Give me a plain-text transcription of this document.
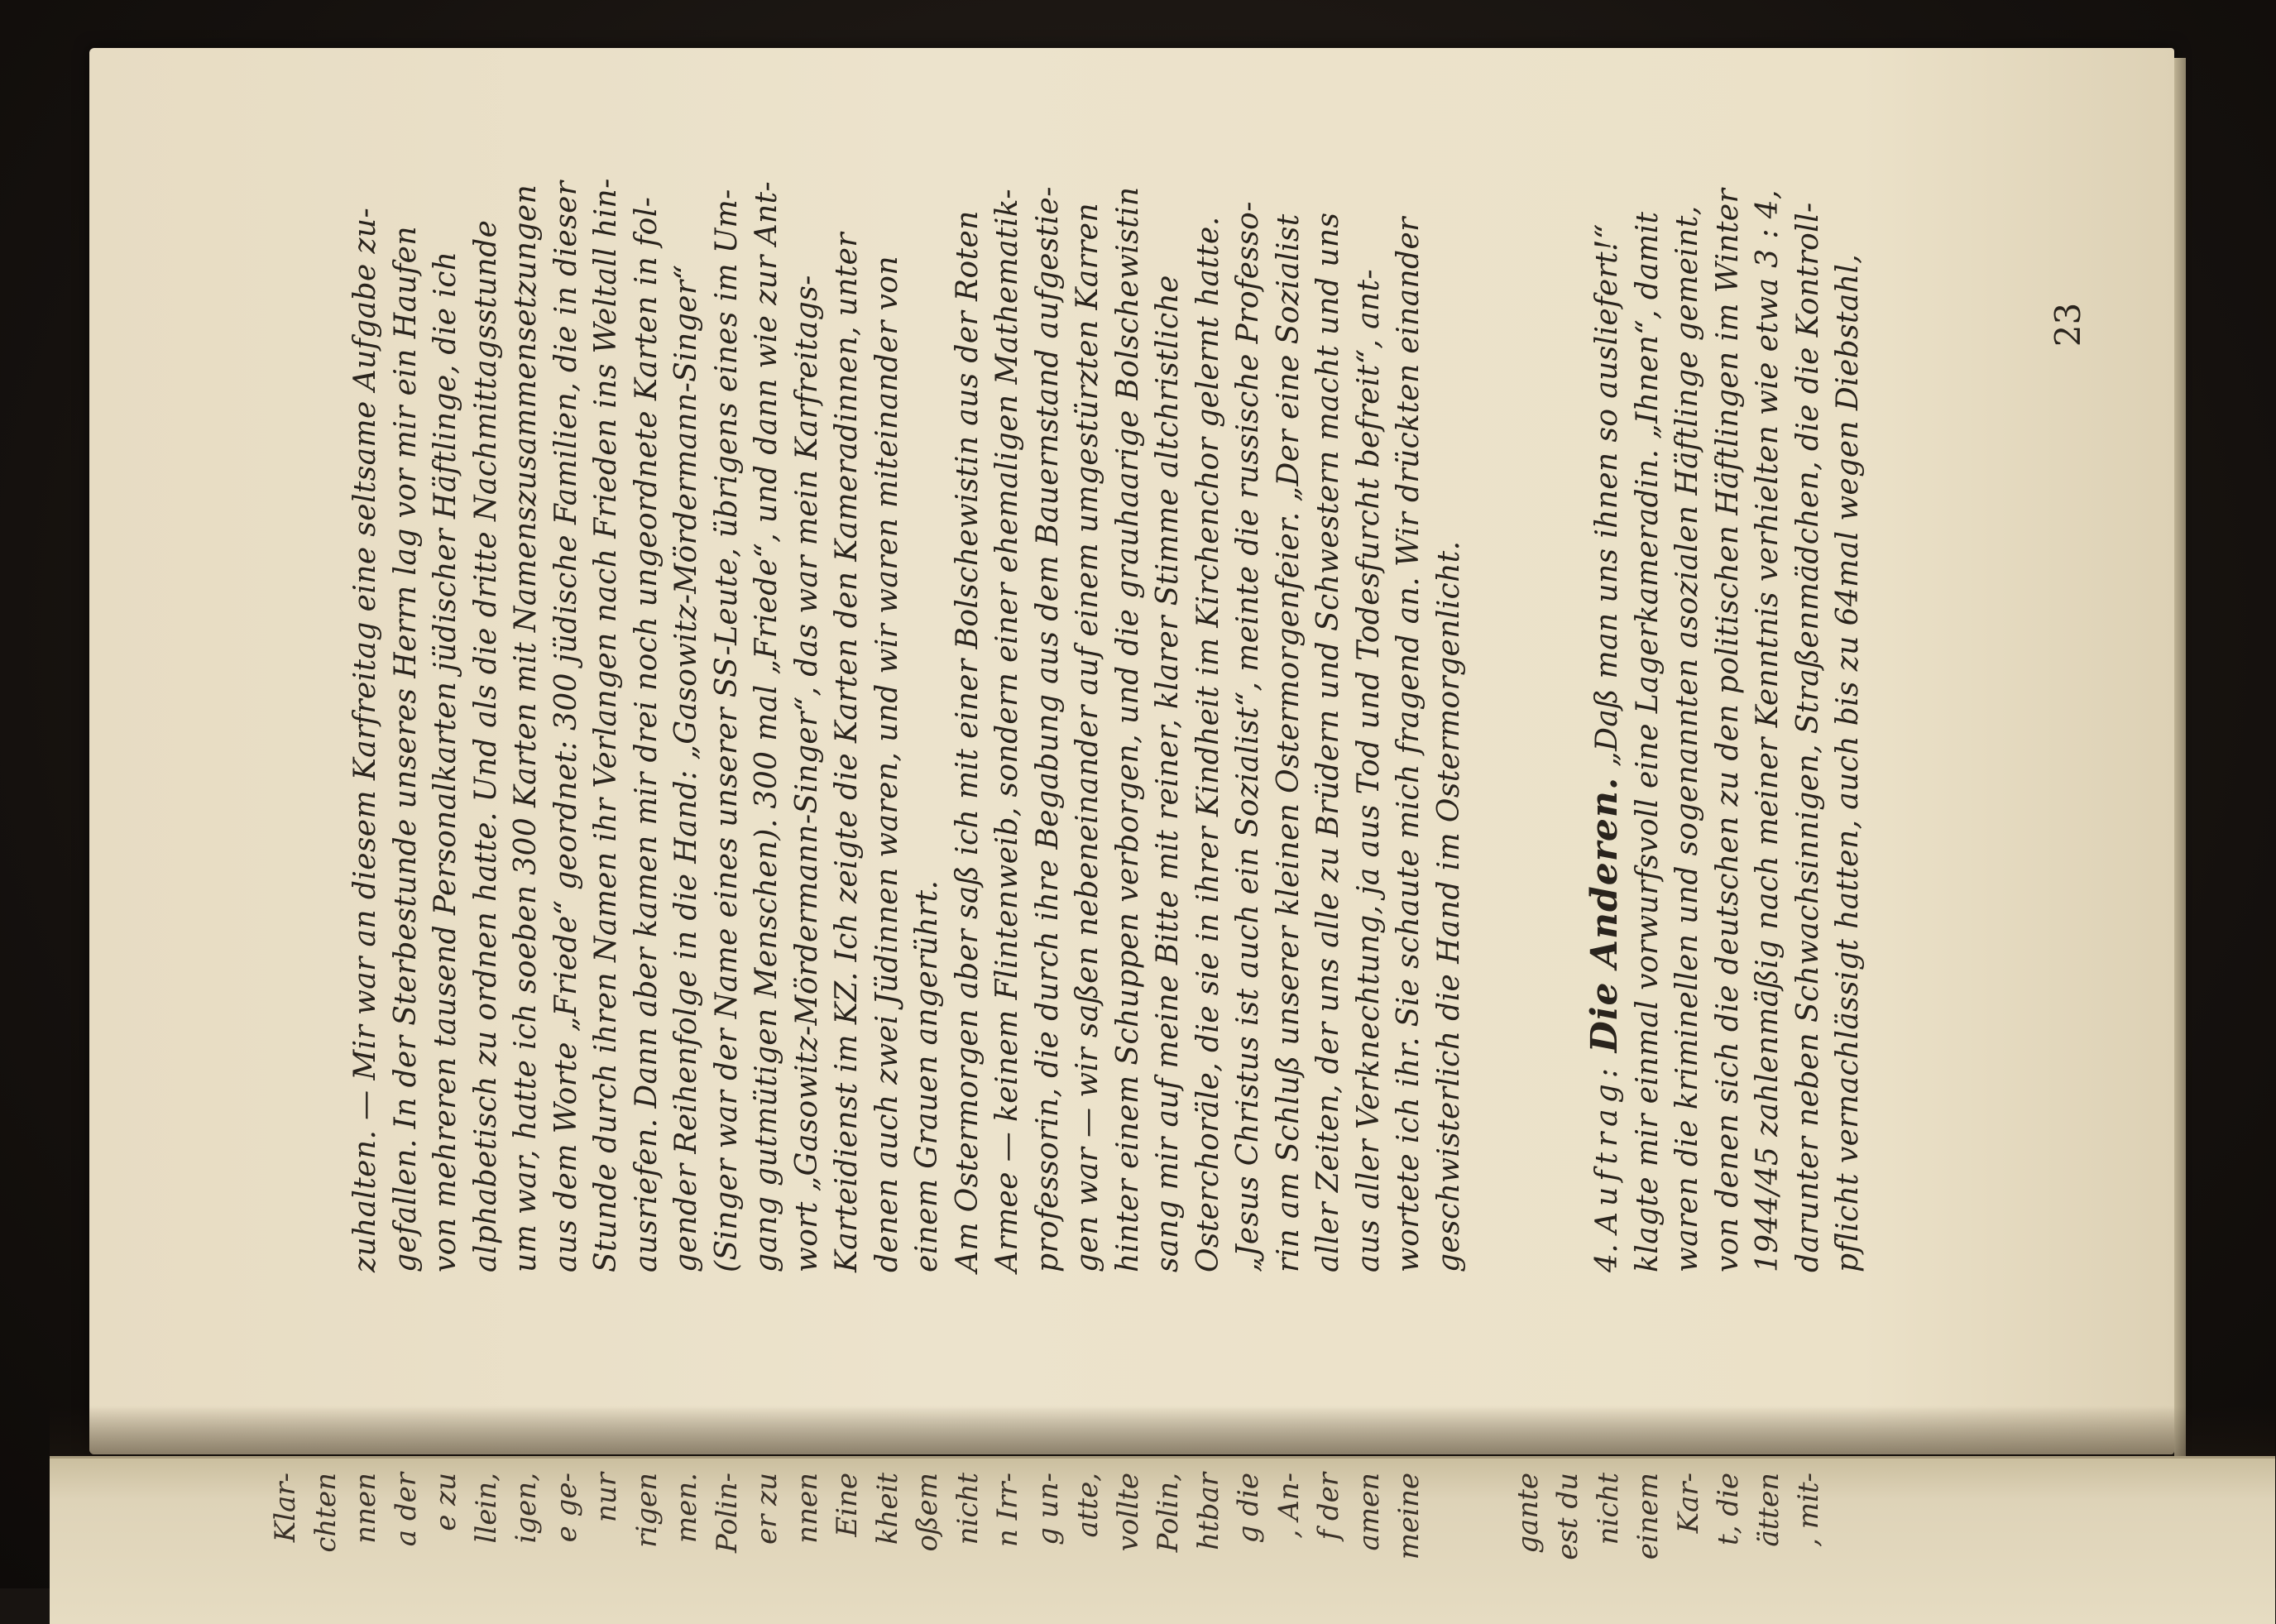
zuhalten. — Mir war an diesem Karfreitag eine seltsame Aufgabe zu- gefallen. In der Sterbestunde unseres Herrn lag vor mir ein Haufen von mehreren tausend Personalkarten jüdischer Häftlinge, die ich alphabetisch zu ordnen hatte. Und als die dritte Nachmittagsstunde um war, hatte ich soeben 300 Karten mit Namenszusammensetzungen aus dem Worte „Friede“ geordnet: 300 jüdische Familien, die in dieser Stunde durch ihren Namen ihr Verlangen nach Frieden ins Weltall hin- ausriefen. Dann aber kamen mir drei noch ungeordnete Karten in fol- gender Reihenfolge in die Hand: „Gasowitz-Mördermann-Singer“ (Singer war der Name eines unserer SS-Leute, übrigens eines im Um- gang gutmütigen Menschen). 300 mal „Friede“, und dann wie zur Ant- wort „Gasowitz-Mördermann-Singer“, das war mein Karfreitags- Karteidienst im KZ. Ich zeigte die Karten den Kameradinnen, unter denen auch zwei Jüdinnen waren, und wir waren miteinander von einem Grauen angerührt. Am Ostermorgen aber saß ich mit einer Bolschewistin aus der Roten Armee — keinem Flintenweib, sondern einer ehemaligen Mathematik- professorin, die durch ihre Begabung aus dem Bauernstand aufgestie- gen war — wir saßen nebeneinander auf einem umgestürzten Karren hinter einem Schuppen verborgen, und die grauhaarige Bolschewistin sang mir auf meine Bitte mit reiner, klarer Stimme altchristliche Osterchoräle, die sie in ihrer Kindheit im Kirchenchor gelernt hatte. „Jesus Christus ist auch ein Sozialist“, meinte die russische Professo- rin am Schluß unserer kleinen Ostermorgenfeier. „Der eine Sozialist aller Zeiten, der uns alle zu Brüdern und Schwestern macht und uns aus aller Verknechtung, ja aus Tod und Todesfurcht befreit“, ant- wortete ich ihr. Sie schaute mich fragend an. Wir drückten einander geschwisterlich die Hand im Ostermorgenlicht.	4. Auftrag: Die Anderen. „Daß man uns ihnen so ausliefert!“ klagte mir einmal vorwurfsvoll eine Lagerkameradin. „Ihnen“, damit waren die kriminellen und sogenannten asozialen Häftlinge gemeint, von denen sich die deutschen zu den politischen Häftlingen im Winter 1944/45 zahlenmäßig nach meiner Kenntnis verhielten wie etwa 3 : 4, darunter neben Schwachsinnigen, Straßenmädchen, die die Kontroll- pflicht vernachlässigt hatten, auch bis zu 64mal wegen Diebstahl,	23
Klar- chten nnen a der e zu llein, igen, e ge- nur rigen men. Polin- er zu nnen Eine kheit oßem nicht n Irr- g un- atte, vollte Polin, htbar g die , An- f der amen meine	gante est du nicht einem Kar- t, die ätten , mit-
